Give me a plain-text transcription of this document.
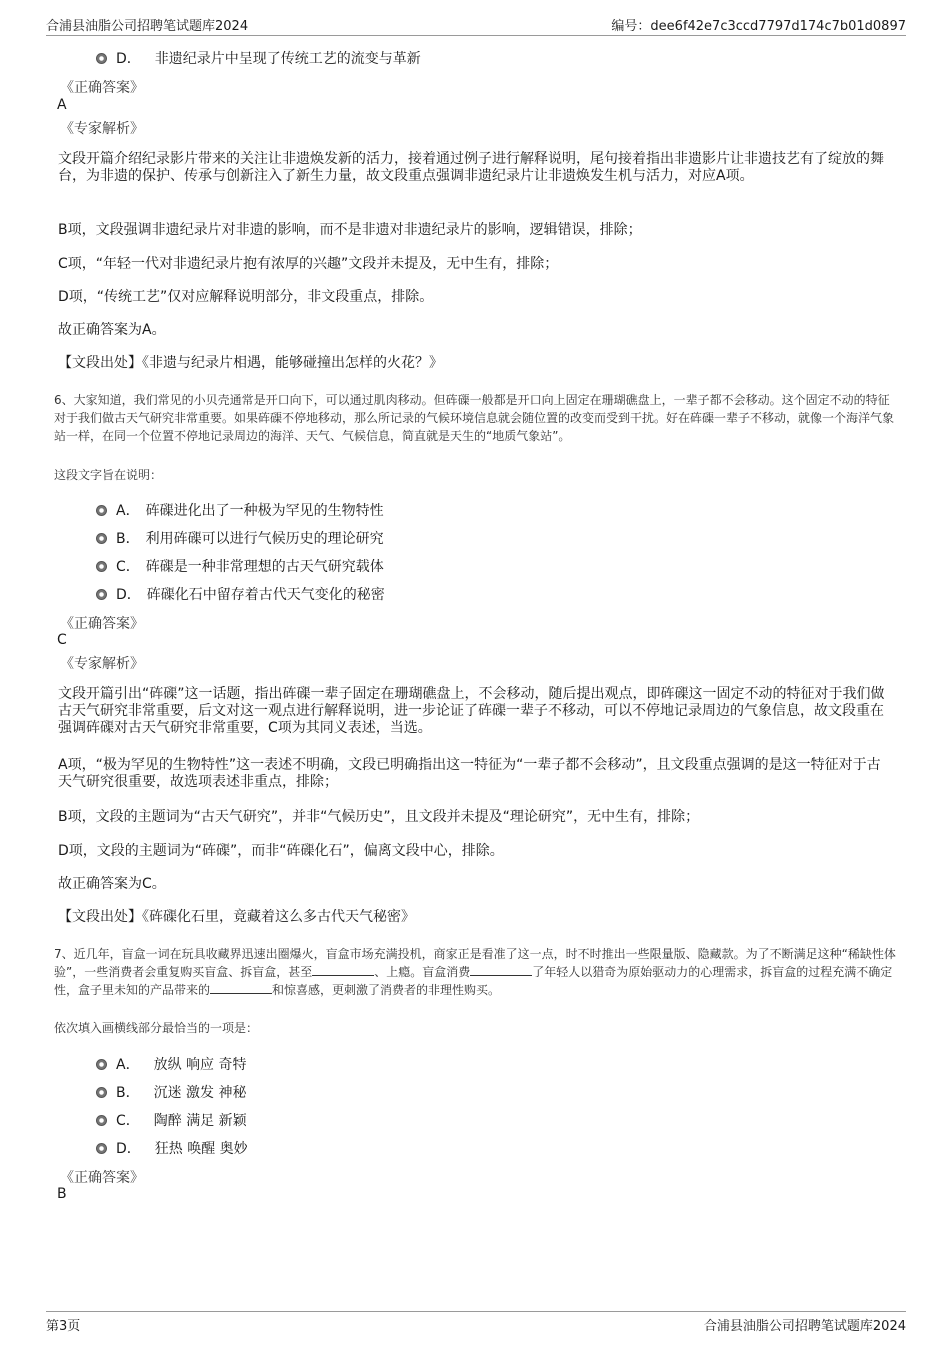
合浦县油脂公司招聘笔试题库2024	编号：dee6f42e7c3ccd7797d174c7b01d0897
D． 非遗纪录片中呈现了传统工艺的流变与革新
《正确答案》
A
《专家解析》
文段开篇介绍纪录影片带来的关注让非遗焕发新的活力，接着通过例子进行解释说明，尾句接着指出非遗影片让非遗技艺有了绽放的舞台，为非遗的保护、传承与创新注入了新生力量，故文段重点强调非遗纪录片让非遗焕发生机与活力，对应A项。
B项，文段强调非遗纪录片对非遗的影响，而不是非遗对非遗纪录片的影响，逻辑错误，排除；
C项，“年轻一代对非遗纪录片抱有浓厚的兴趣”文段并未提及，无中生有，排除；
D项，“传统工艺”仅对应解释说明部分，非文段重点，排除。
故正确答案为A。
【文段出处】《非遗与纪录片相遇，能够碰撞出怎样的火花？》
6、大家知道，我们常见的小贝壳通常是开口向下，可以通过肌肉移动。但砗磲一般都是开口向上固定在珊瑚礁盘上，一辈子都不会移动。这个固定不动的特征对于我们做古天气研究非常重要。如果砗磲不停地移动，那么所记录的气候环境信息就会随位置的改变而受到干扰。好在砗磲一辈子不移动，就像一个海洋气象站一样，在同一个位置不停地记录周边的海洋、天气、气候信息，简直就是天生的“地质气象站”。
这段文字旨在说明：
A． 砗磲进化出了一种极为罕见的生物特性
B． 利用砗磲可以进行气候历史的理论研究
C． 砗磲是一种非常理想的古天气研究载体
D． 砗磲化石中留存着古代天气变化的秘密
《正确答案》
C
《专家解析》
文段开篇引出“砗磲”这一话题，指出砗磲一辈子固定在珊瑚礁盘上，不会移动，随后提出观点，即砗磲这一固定不动的特征对于我们做古天气研究非常重要，后文对这一观点进行解释说明，进一步论证了砗磲一辈子不移动，可以不停地记录周边的气象信息，故文段重在强调砗磲对古天气研究非常重要，C项为其同义表述，当选。
A项，“极为罕见的生物特性”这一表述不明确，文段已明确指出这一特征为“一辈子都不会移动”，且文段重点强调的是这一特征对于古天气研究很重要，故选项表述非重点，排除；
B项，文段的主题词为“古天气研究”，并非“气候历史”，且文段并未提及“理论研究”，无中生有，排除；
D项，文段的主题词为“砗磲”，而非“砗磲化石”，偏离文段中心，排除。
故正确答案为C。
【文段出处】《砗磲化石里，竟藏着这么多古代天气秘密》
7、近几年，盲盒一词在玩具收藏界迅速出圈爆火，盲盒市场充满投机，商家正是看准了这一点，时不时推出一些限量版、隐藏款。为了不断满足这种“稀缺性体验”，一些消费者会重复购买盲盒、拆盲盒，甚至	、上瘾。盲盒消费	了年轻人以猎奇为原始驱动力的心理需求，拆盲盒的过程充满不确定性，盒子里未知的产品带来的	和惊喜感，更刺激了消费者的非理性购买。
依次填入画横线部分最恰当的一项是：
A． 放纵 响应 奇特
B． 沉迷 激发 神秘
C． 陶醉 满足 新颖
D． 狂热 唤醒 奥妙
《正确答案》
B
第3页	合浦县油脂公司招聘笔试题库2024
